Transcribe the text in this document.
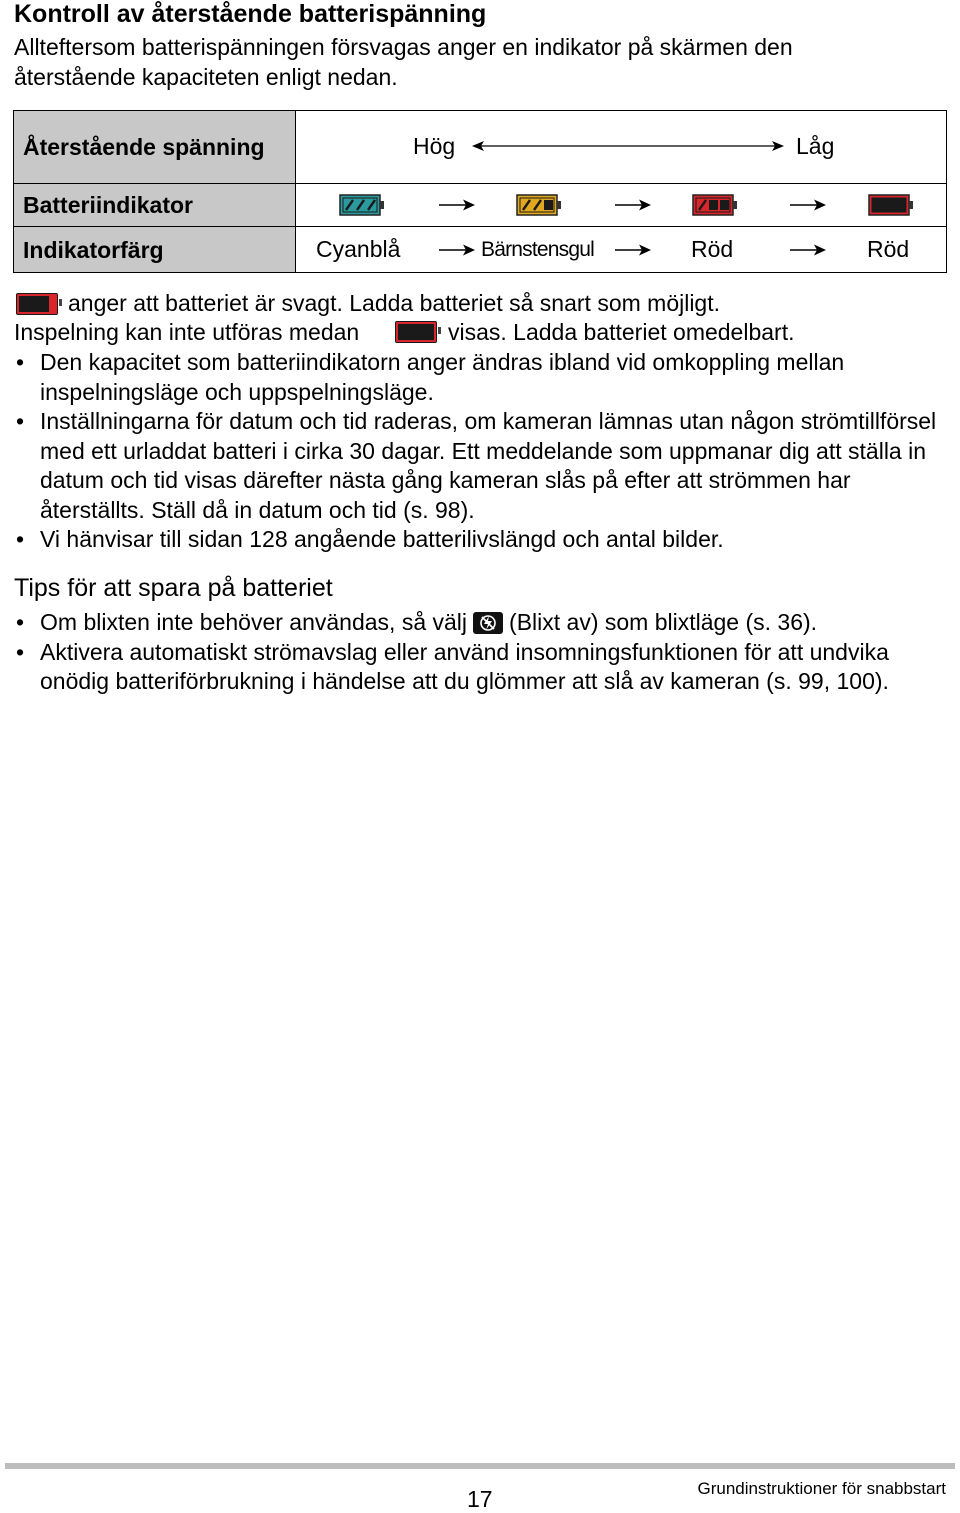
Kontroll av återstående batterispänning

Allteftersom batterispänningen försvagas anger en indikator på skärmen den återstående kapaciteten enligt nedan.

Återstående spänning	Hög Låg

Batteriindikator	

Indikatorfärg	Cyanblå Bärnstensgul Röd Röd

anger att batteriet är svagt. Ladda batteriet så snart som möjligt.

Inspelning kan inte utföras medan	visas. Ladda batteriet omedelbart.

• Den kapacitet som batteriindikatorn anger ändras ibland vid omkoppling mellan inspelningsläge och uppspelningsläge.
• Inställningarna för datum och tid raderas, om kameran lämnas utan någon strömtillförsel med ett urladdat batteri i cirka 30 dagar. Ett meddelande som uppmanar dig att ställa in datum och tid visas därefter nästa gång kameran slås på efter att strömmen har återställts. Ställ då in datum och tid (s. 98).
• Vi hänvisar till sidan 128 angående batterilivslängd och antal bilder.
Tips för att spara på batteriet
• Om blixten inte behöver användas, så välj (Blixt av) som blixtläge (s. 36).
• Aktivera automatiskt strömavslag eller använd insomningsfunktionen för att undvika onödig batteriförbrukning i händelse att du glömmer att slå av kameran (s. 99, 100).
17	Grundinstruktioner för snabbstart
